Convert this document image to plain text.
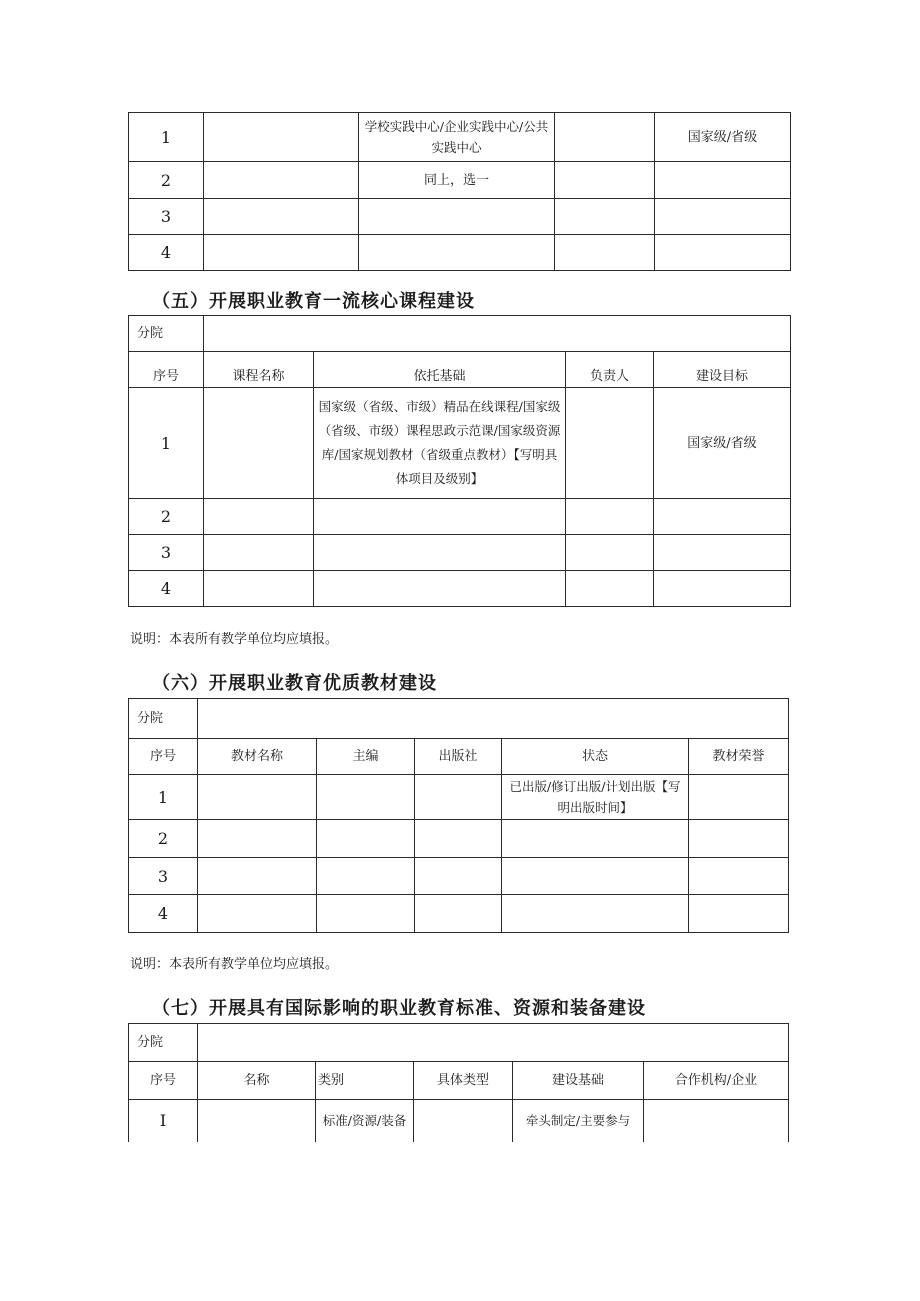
1		学校实践中心/企业实践中心/公共实践中心		国家级/省级
2		同上，选一		
3				
4				
（五）开展职业教育一流核心课程建设
分院				
序号	课程名称	依托基础	负责人	建设目标
1		国家级（省级、市级）精品在线课程/国家级（省级、市级）课程思政示范课/国家级资源库/国家规划教材（省级重点教材）【写明具体项目及级别】		国家级/省级
2				
3				
4				
说明：本表所有教学单位均应填报。
（六）开展职业教育优质教材建设
分院					
序号	教材名称	主编	出版社	状态	教材荣誉
1				已出版/修订出版/计划出版【写明出版时间】	
2					
3					
4					
说明：本表所有教学单位均应填报。
（七）开展具有国际影响的职业教育标准、资源和装备建设
分院					
序号	名称	类别	具体类型	建设基础	合作机构/企业
I		标准/资源/装备		牵头制定/主要参与	
